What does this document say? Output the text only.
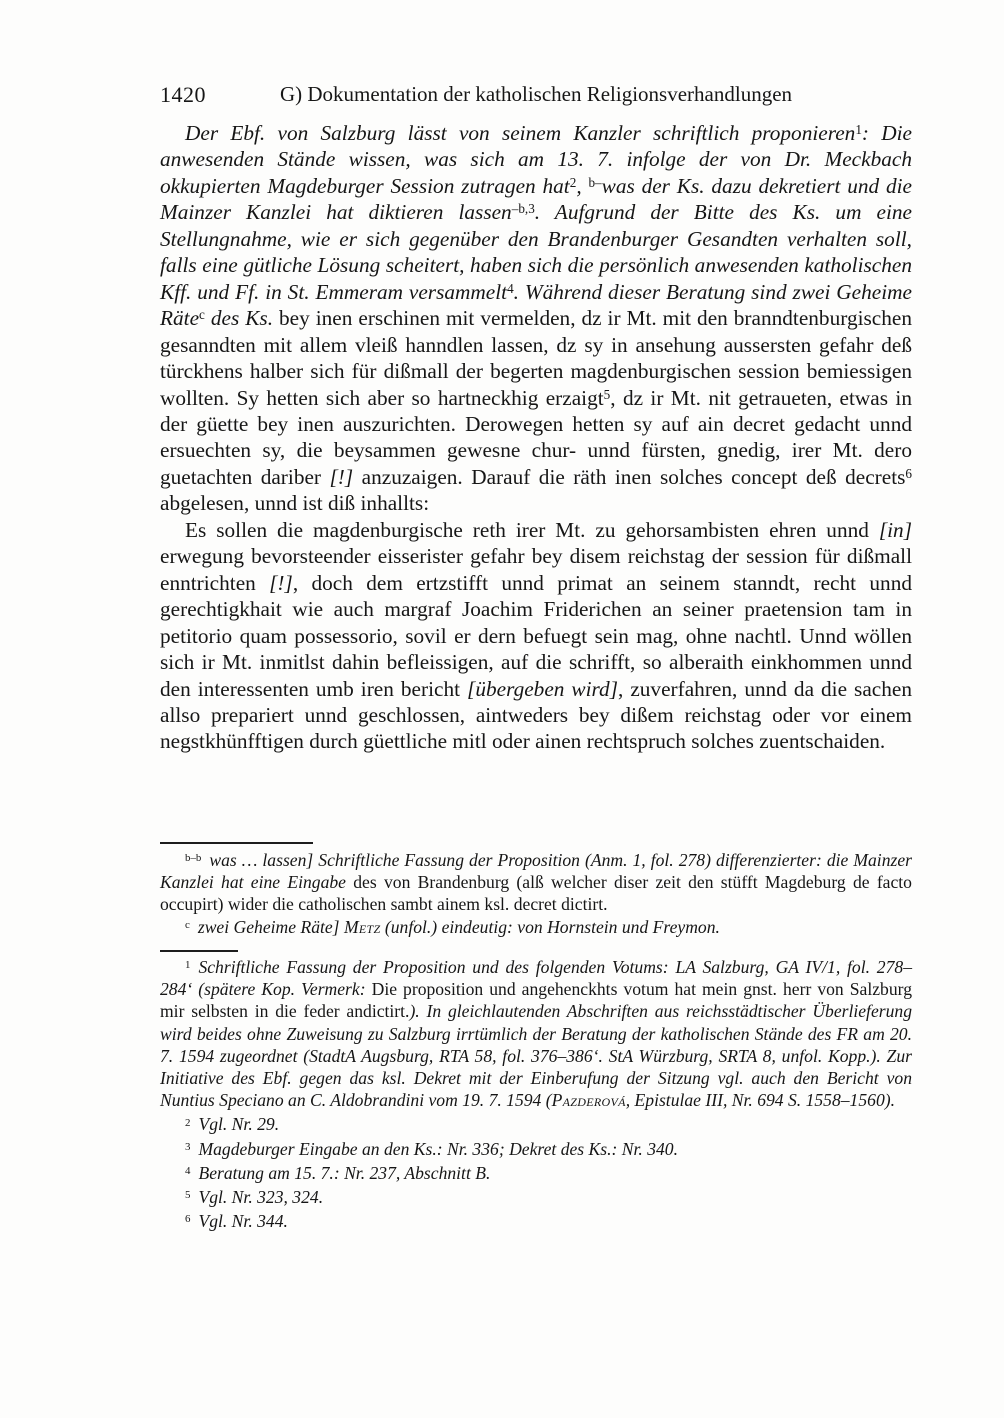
1420	G) Dokumentation der katholischen Religionsverhandlungen

Der Ebf. von Salzburg lässt von seinem Kanzler schriftlich proponieren$^1$: Die anwesenden Stände wissen, was sich am 13. 7. infolge der von Dr. Meckbach okkupierten Magdeburger Session zutragen hat$^2$, $^{b-}$was der Ks. dazu dekretiert und die Mainzer Kanzlei hat diktieren lassen$^{-b,3}$. Aufgrund der Bitte des Ks. um eine Stellungnahme, wie er sich gegenüber den Brandenburger Gesandten verhalten soll, falls eine gütliche Lösung scheitert, haben sich die persönlich anwesenden katholischen Kff. und Ff. in St. Emmeram versammelt$^4$. Während dieser Beratung sind zwei Geheime Räte$^c$ des Ks. bey inen erschinen mit vermelden, dz ir Mt. mit den branndtenburgischen gesanndten mit allem vleiß hanndlen lassen, dz sy in ansehung aussersten gefahr deß türckhens halber sich für dißmall der begerten magdenburgischen session bemiessigen wollten. Sy hetten sich aber so hartneckhig erzaigt$^5$, dz ir Mt. nit getraueten, etwas in der güette bey inen auszurichten. Derowegen hetten sy auf ain decret gedacht unnd ersuechten sy, die beysammen gewesne chur- unnd fürsten, gnedig, irer Mt. dero guetachten dariber [!] anzuzaigen. Darauf die räth inen solches concept deß decrets$^6$ abgelesen, unnd ist diß inhallts:

Es sollen die magdenburgische reth irer Mt. zu gehorsambisten ehren unnd [in] erwegung bevorsteender eisserister gefahr bey disem reichstag der session für dißmall enntrichten [!], doch dem ertzstifft unnd primat an seinem stanndt, recht unnd gerechtigkhait wie auch margraf Joachim Friderichen an seiner praetension tam in petitorio quam possessorio, sovil er dern befuegt sein mag, ohne nachtl. Unnd wöllen sich ir Mt. inmitlst dahin befleissigen, auf die schrifft, so alberaith einkhommen unnd den interessenten umb iren bericht [übergeben wird], zuverfahren, unnd da die sachen allso prepariert unnd geschlossen, aintweders bey dißem reichstag oder vor einem negstkhünfftigen durch güettliche mitl oder ainen rechtspruch solches zuentschaiden.

$^{b-b}$ was … lassen] Schriftliche Fassung der Proposition (Anm. 1, fol. 278) differenzierter: die Mainzer Kanzlei hat eine Eingabe des von Brandenburg (alß welcher diser zeit den stüfft Magdeburg de facto occupirt) wider die catholischen sambt ainem ksl. decret dictirt.
$^c$ zwei Geheime Räte] Metz (unfol.) eindeutig: von Hornstein und Freymon.
$^1$ Schriftliche Fassung der Proposition und des folgenden Votums: LA Salzburg, GA IV/1, fol. 278–284‘ (spätere Kop. Vermerk: Die proposition und angehenckhts votum hat mein gnst. herr von Salzburg mir selbsten in die feder andictirt.). In gleichlautenden Abschriften aus reichsstädtischer Überlieferung wird beides ohne Zuweisung zu Salzburg irrtümlich der Beratung der katholischen Stände des FR am 20. 7. 1594 zugeordnet (StadtA Augsburg, RTA 58, fol. 376–386‘. StA Würzburg, SRTA 8, unfol. Kopp.). Zur Initiative des Ebf. gegen das ksl. Dekret mit der Einberufung der Sitzung vgl. auch den Bericht von Nuntius Speciano an C. Aldobrandini vom 19. 7. 1594 (Pazderová, Epistulae III, Nr. 694 S. 1558–1560).
$^2$ Vgl. Nr. 29.
$^3$ Magdeburger Eingabe an den Ks.: Nr. 336; Dekret des Ks.: Nr. 340.
$^4$ Beratung am 15. 7.: Nr. 237, Abschnitt B.
$^5$ Vgl. Nr. 323, 324.
$^6$ Vgl. Nr. 344.
